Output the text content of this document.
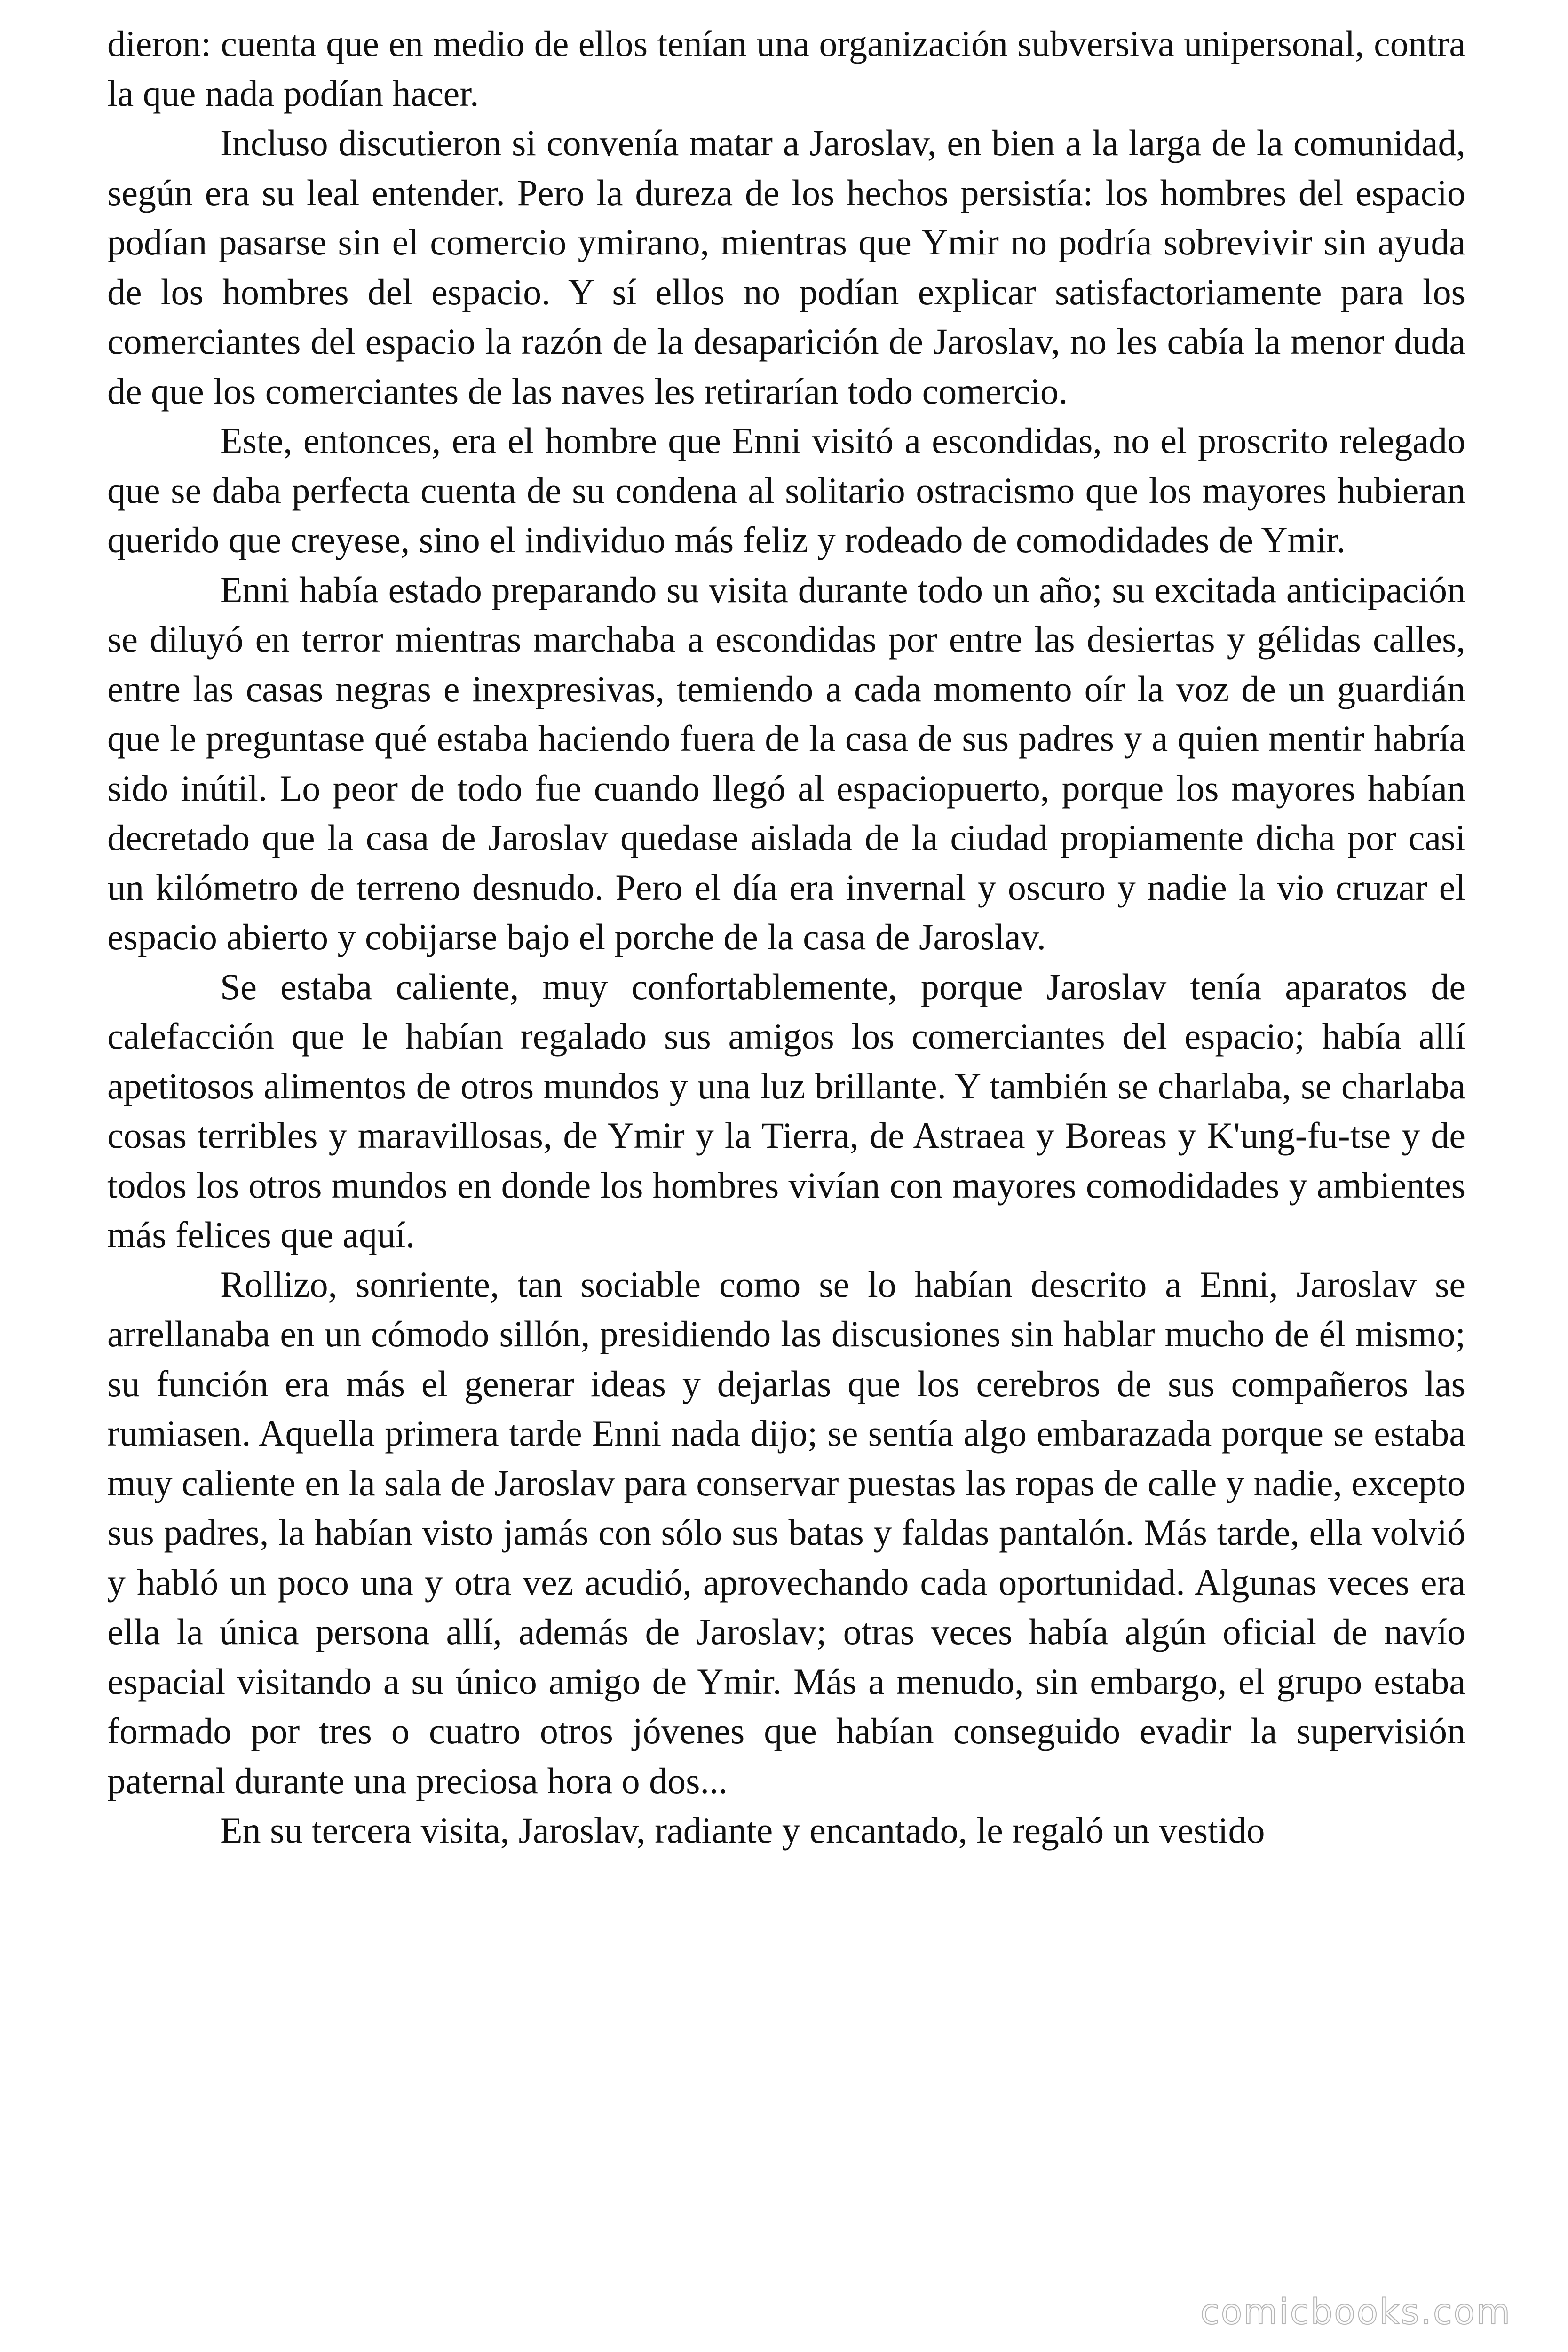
dieron: cuenta que en medio de ellos tenían una organización subversiva unipersonal, contra la que nada podían hacer.

Incluso discutieron si convenía matar a Jaroslav, en bien a la larga de la comunidad, según era su leal entender. Pero la dureza de los hechos persistía: los hombres del espacio podían pasarse sin el comercio ymirano, mientras que Ymir no podría sobrevivir sin ayuda de los hombres del espacio. Y sí ellos no podían explicar satisfactoriamente para los comerciantes del espacio la razón de la desaparición de Jaroslav, no les cabía la menor duda de que los comerciantes de las naves les retirarían todo comercio.

Este, entonces, era el hombre que Enni visitó a escondidas, no el proscrito relegado que se daba perfecta cuenta de su condena al solitario ostracismo que los mayores hubieran querido que creyese, sino el individuo más feliz y rodeado de comodidades de Ymir.

Enni había estado preparando su visita durante todo un año; su excitada anticipación se diluyó en terror mientras marchaba a escondidas por entre las desiertas y gélidas calles, entre las casas negras e inexpresivas, temiendo a cada momento oír la voz de un guardián que le preguntase qué estaba haciendo fuera de la casa de sus padres y a quien mentir habría sido inútil. Lo peor de todo fue cuando llegó al espaciopuerto, porque los mayores habían decretado que la casa de Jaroslav quedase aislada de la ciudad propiamente dicha por casi un kilómetro de terreno desnudo. Pero el día era invernal y oscuro y nadie la vio cruzar el espacio abierto y cobijarse bajo el porche de la casa de Jaroslav.

Se estaba caliente, muy confortablemente, porque Jaroslav tenía aparatos de calefacción que le habían regalado sus amigos los comerciantes del espacio; había allí apetitosos alimentos de otros mundos y una luz brillante. Y también se charlaba, se charlaba cosas terribles y maravillosas, de Ymir y la Tierra, de Astraea y Boreas y K'ung-fu-tse y de todos los otros mundos en donde los hombres vivían con mayores comodidades y ambientes más felices que aquí.

Rollizo, sonriente, tan sociable como se lo habían descrito a Enni, Jaroslav se arrellanaba en un cómodo sillón, presidiendo las discusiones sin hablar mucho de él mismo; su función era más el generar ideas y dejarlas que los cerebros de sus compañeros las rumiasen. Aquella primera tarde Enni nada dijo; se sentía algo embarazada porque se estaba muy caliente en la sala de Jaroslav para conservar puestas las ropas de calle y nadie, excepto sus padres, la habían visto jamás con sólo sus batas y faldas pantalón. Más tarde, ella volvió y habló un poco una y otra vez acudió, aprovechando cada oportunidad. Algunas veces era ella la única persona allí, además de Jaroslav; otras veces había algún oficial de navío espacial visitando a su único amigo de Ymir. Más a menudo, sin embargo, el grupo estaba formado por tres o cuatro otros jóvenes que habían conseguido evadir la supervisión paternal durante una preciosa hora o dos...

En su tercera visita, Jaroslav, radiante y encantado, le regaló un vestido

comicbooks.com
